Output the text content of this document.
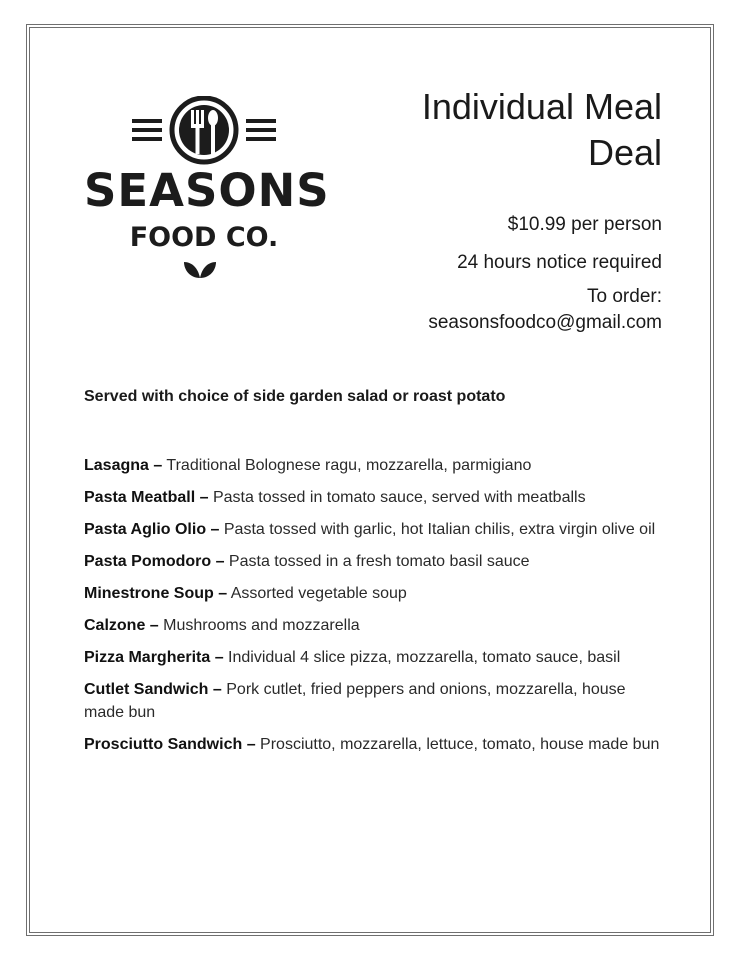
SEASONS
FOOD CO.
Individual Meal
Deal
$10.99 per person
24 hours notice required
To order:
seasonsfoodco@gmail.com
Served with choice of side garden salad or roast potato
Lasagna – Traditional Bolognese ragu, mozzarella, parmigiano
Pasta Meatball – Pasta tossed in tomato sauce, served with meatballs
Pasta Aglio Olio – Pasta tossed with garlic, hot Italian chilis, extra virgin olive oil
Pasta Pomodoro – Pasta tossed in a fresh tomato basil sauce
Minestrone Soup – Assorted vegetable soup
Calzone – Mushrooms and mozzarella
Pizza Margherita – Individual 4 slice pizza, mozzarella, tomato sauce, basil
Cutlet Sandwich – Pork cutlet, fried peppers and onions, mozzarella, house made bun
Prosciutto Sandwich – Prosciutto, mozzarella, lettuce, tomato, house made bun
